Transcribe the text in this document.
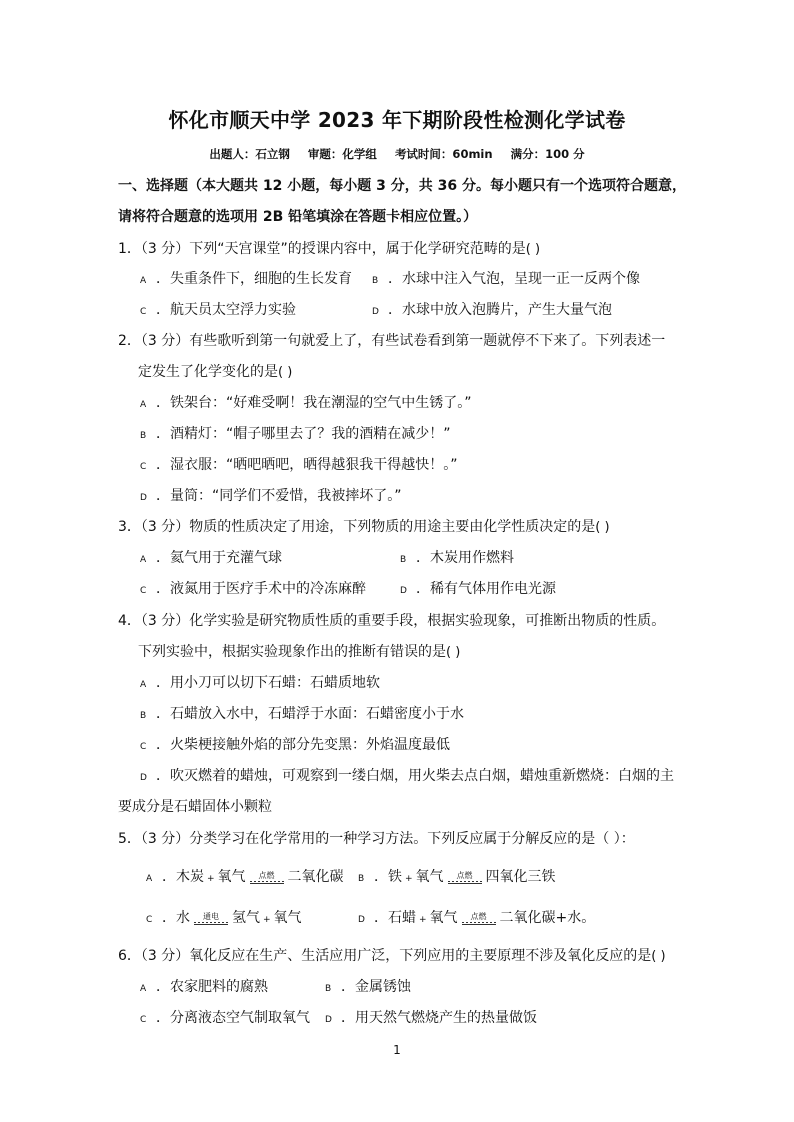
怀化市顺天中学 2023 年下期阶段性检测化学试卷
出题人：石立钢 审题：化学组 考试时间：60min 满分：100 分
一、选择题（本大题共 12 小题，每小题 3 分，共 36 分。每小题只有一个选项符合题意，
请将符合题意的选项用 2B 铅笔填涂在答题卡相应位置。）
1．（3 分）下列“天宫课堂”的授课内容中，属于化学研究范畴的是( )
A ．失重条件下，细胞的生长发育 B ．水球中注入气泡，呈现一正一反两个像
C ．航天员太空浮力实验	D ．水球中放入泡腾片，产生大量气泡
2．（3 分）有些歌听到第一句就爱上了，有些试卷看到第一题就停不下来了。下列表述一
定发生了化学变化的是( )
A ．铁架台：“好难受啊！我在潮湿的空气中生锈了。”
B ．酒精灯：“帽子哪里去了？我的酒精在减少！”
C ．湿衣服：“晒吧晒吧，晒得越狠我干得越快！。”
D ．量筒：“同学们不爱惜，我被摔坏了。”
3．（3 分）物质的性质决定了用途，下列物质的用途主要由化学性质决定的是( )
A ．氦气用于充灌气球	B ．木炭用作燃料
C ．液氮用于医疗手术中的冷冻麻醉	D ．稀有气体用作电光源
4．（3 分）化学实验是研究物质性质的重要手段，根据实验现象，可推断出物质的性质。
下列实验中，根据实验现象作出的推断有错误的是( )
A ．用小刀可以切下石蜡：石蜡质地软
B ．石蜡放入水中，石蜡浮于水面：石蜡密度小于水
C ．火柴梗接触外焰的部分先变黑：外焰温度最低
D ．吹灭燃着的蜡烛，可观察到一缕白烟，用火柴去点白烟，蜡烛重新燃烧：白烟的主
要成分是石蜡固体小颗粒
5．（3 分）分类学习在化学常用的一种学习方法。下列反应属于分解反应的是（ ）：
A ．木炭 + 氧气	点燃 二氧化碳 B ．铁 + 氧气	点燃 四氧化三铁
C ．水	通电 氢气 + 氧气	D ．石蜡 + 氧气	点燃 二氧化碳+水。
6．（3 分）氧化反应在生产、生活应用广泛，下列应用的主要原理不涉及氧化反应的是( )
A ．农家肥料的腐熟	B ．金属锈蚀
C ．分离液态空气制取氧气 D ．用天然气燃烧产生的热量做饭
1
